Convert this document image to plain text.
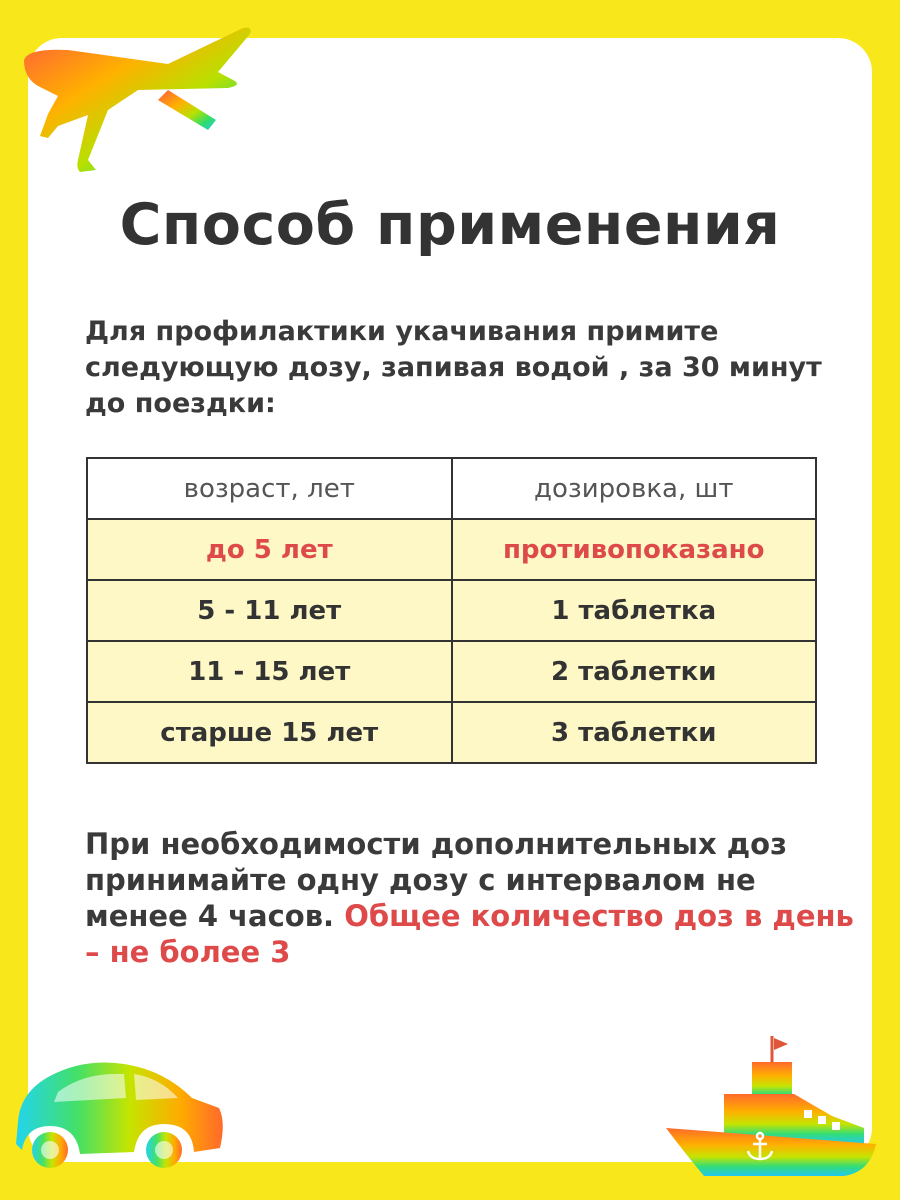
Способ применения
Для профилактики укачивания примите следующую дозу, запивая водой , за 30 минут до поездки:
возраст, лет	дозировка, шт
до 5 лет	противопоказано
5 - 11 лет	1 таблетка
11 - 15 лет	2 таблетки
старше 15 лет	3 таблетки
При необходимости дополнительных доз принимайте одну дозу с интервалом не менее 4 часов. Общее количество доз в день – не более 3
